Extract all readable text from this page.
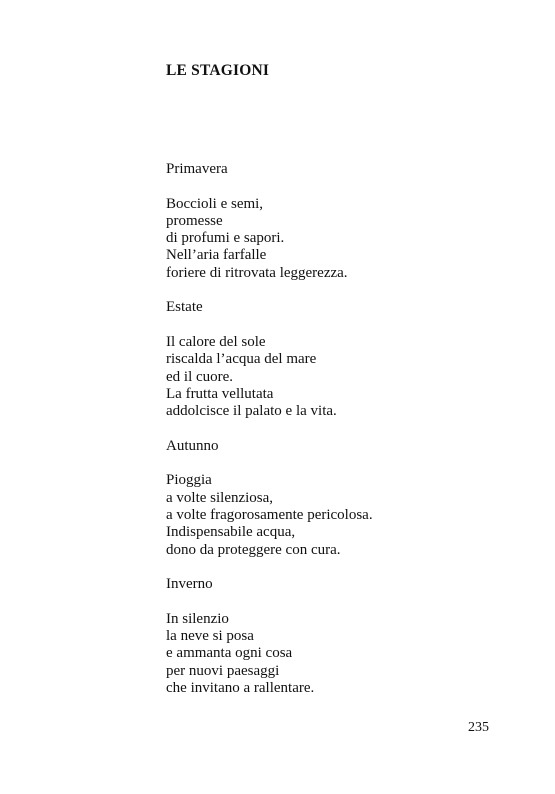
LE STAGIONI
Primavera
Boccioli e semi,
promesse
di profumi e sapori.
Nell’aria farfalle
foriere di ritrovata leggerezza.
Estate
Il calore del sole
riscalda l’acqua del mare
ed il cuore.
La frutta vellutata
addolcisce il palato e la vita.
Autunno
Pioggia
a volte silenziosa,
a volte fragorosamente pericolosa.
Indispensabile acqua,
dono da proteggere con cura.
Inverno
In silenzio
la neve si posa
e ammanta ogni cosa
per nuovi paesaggi
che invitano a rallentare.
235
